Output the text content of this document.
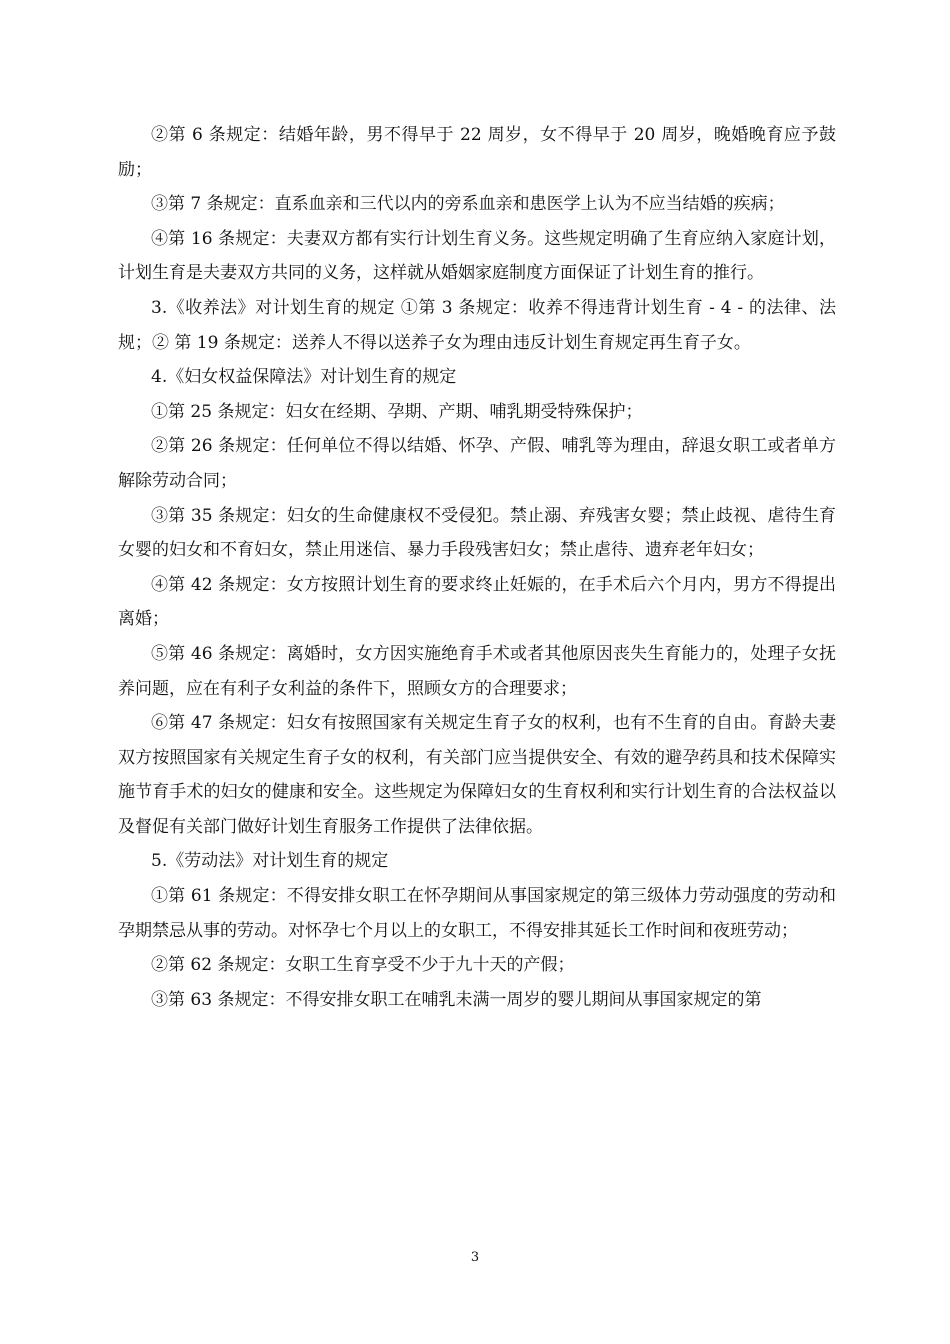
②第 6 条规定：结婚年龄，男不得早于 22 周岁，女不得早于 20 周岁，晚婚晚育应予鼓励；

③第 7 条规定：直系血亲和三代以内的旁系血亲和患医学上认为不应当结婚的疾病；

④第 16 条规定：夫妻双方都有实行计划生育义务。这些规定明确了生育应纳入家庭计划，计划生育是夫妻双方共同的义务，这样就从婚姻家庭制度方面保证了计划生育的推行。

3.《收养法》对计划生育的规定 ①第 3 条规定：收养不得违背计划生育 - 4 - 的法律、法规；② 第 19 条规定：送养人不得以送养子女为理由违反计划生育规定再生育子女。

4.《妇女权益保障法》对计划生育的规定

①第 25 条规定：妇女在经期、孕期、产期、哺乳期受特殊保护；

②第 26 条规定：任何单位不得以结婚、怀孕、产假、哺乳等为理由，辞退女职工或者单方解除劳动合同；

③第 35 条规定：妇女的生命健康权不受侵犯。禁止溺、弃残害女婴；禁止歧视、虐待生育女婴的妇女和不育妇女，禁止用迷信、暴力手段残害妇女；禁止虐待、遗弃老年妇女；

④第 42 条规定：女方按照计划生育的要求终止妊娠的，在手术后六个月内，男方不得提出离婚；

⑤第 46 条规定：离婚时，女方因实施绝育手术或者其他原因丧失生育能力的，处理子女抚养问题，应在有利子女利益的条件下，照顾女方的合理要求；

⑥第 47 条规定：妇女有按照国家有关规定生育子女的权利，也有不生育的自由。育龄夫妻双方按照国家有关规定生育子女的权利，有关部门应当提供安全、有效的避孕药具和技术保障实施节育手术的妇女的健康和安全。这些规定为保障妇女的生育权利和实行计划生育的合法权益以及督促有关部门做好计划生育服务工作提供了法律依据。

5.《劳动法》对计划生育的规定

①第 61 条规定：不得安排女职工在怀孕期间从事国家规定的第三级体力劳动强度的劳动和孕期禁忌从事的劳动。对怀孕七个月以上的女职工，不得安排其延长工作时间和夜班劳动；

②第 62 条规定：女职工生育享受不少于九十天的产假；

③第 63 条规定：不得安排女职工在哺乳未满一周岁的婴儿期间从事国家规定的第

3
